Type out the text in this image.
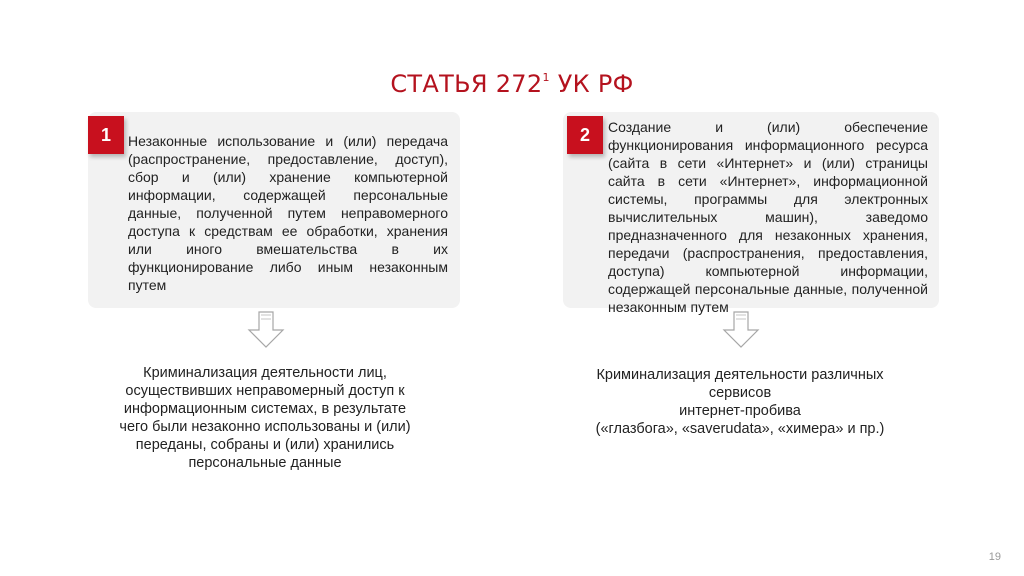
СТАТЬЯ $272^1$ УК РФ
1	Незаконные использование и (или) передача (распространение, предоставление, доступ), сбор и (или) хранение компьютерной информации, содержащей персональные данные, полученной путем неправомерного доступа к средствам ее обработки, хранения или иного вмешательства в их функционирование либо иным незаконным путем
2	Создание и (или) обеспечение функционирования информационного ресурса (сайта в сети «Интернет» и (или) страницы сайта в сети «Интернет», информационной системы, программы для электронных вычислительных машин), заведомо предназначенного для незаконных хранения, передачи (распространения, предоставления, доступа) компьютерной информации, содержащей персональные данные, полученной незаконным путем
Криминализация деятельности лиц,
осуществивших неправомерный доступ к
информационным системах, в результате
чего были незаконно использованы и (или)
переданы, собраны и (или) хранились
персональные данные
Криминализация деятельности различных
сервисов
интернет-пробива
(«глазбога», «saverudata», «химера» и пр.)
19
